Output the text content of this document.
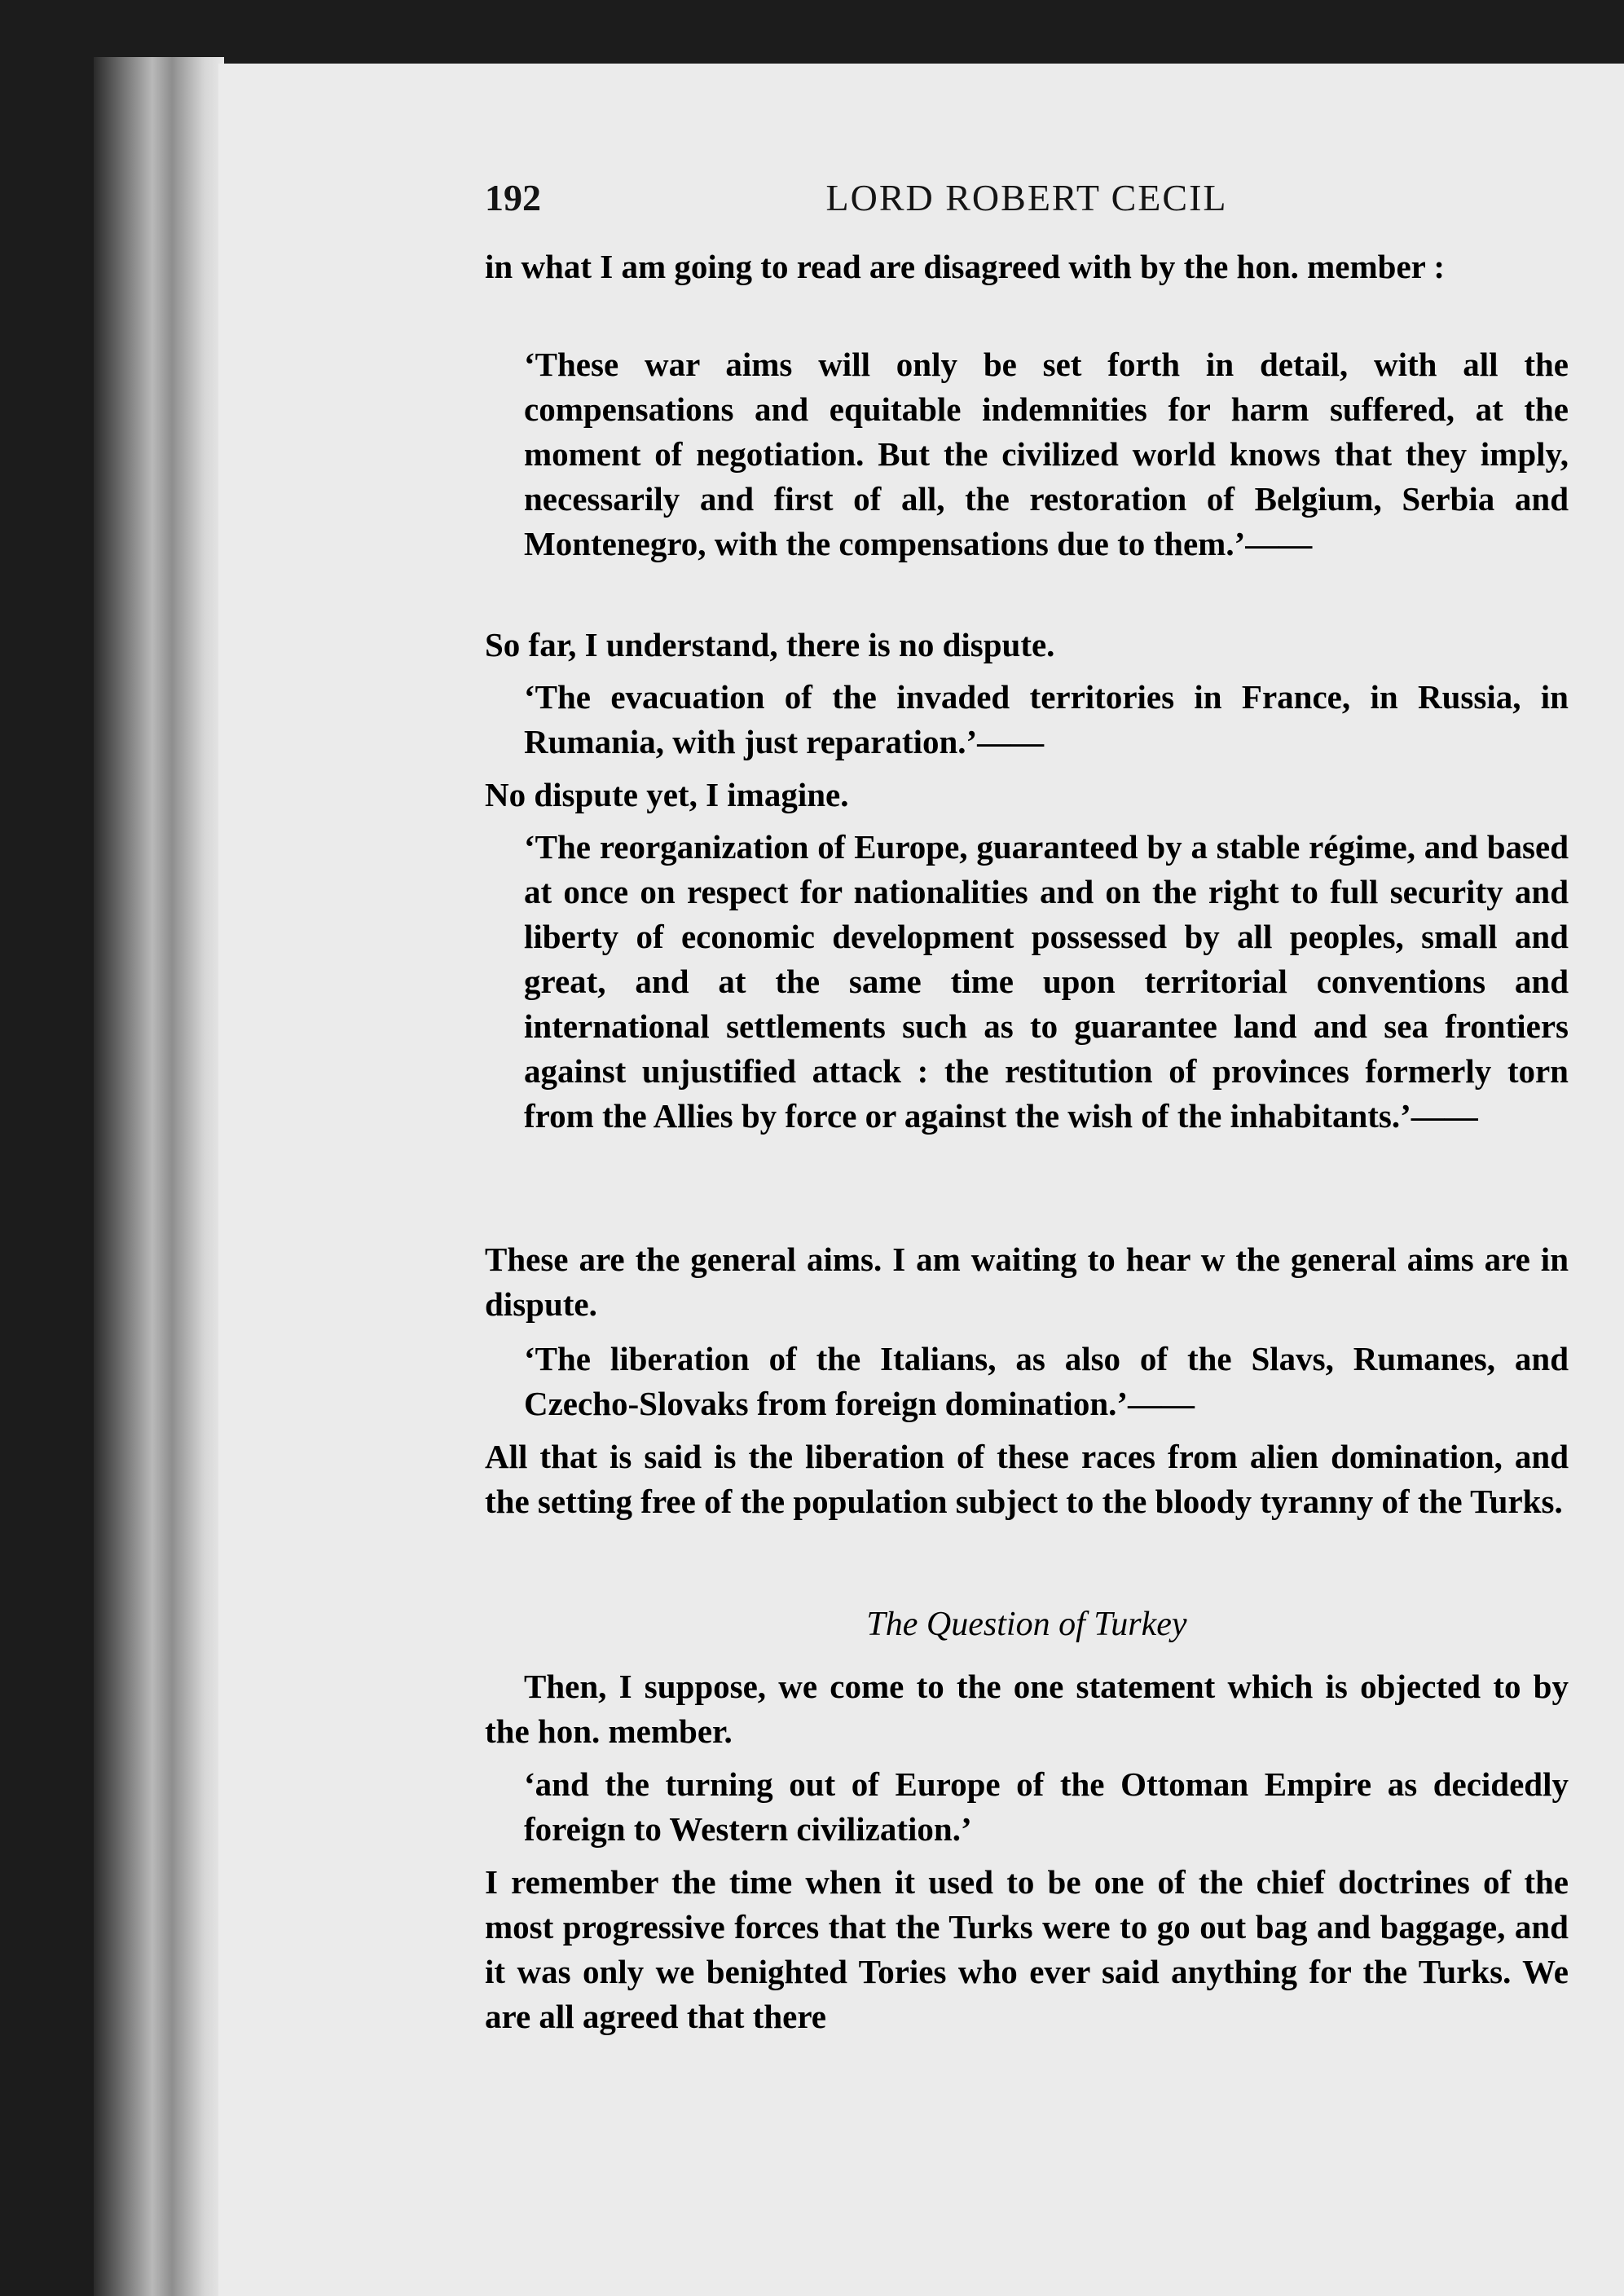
192	LORD ROBERT CECIL
in what I am going to read are disagreed with by the hon. member :
‘These war aims will only be set forth in detail, with all the compensations and equitable indemnities for harm suffered, at the moment of negotiation. But the civilized world knows that they imply, necessarily and first of all, the restoration of Belgium, Serbia and Montenegro, with the compensations due to them.’——
So far, I understand, there is no dispute.
‘The evacuation of the invaded territories in France, in Russia, in Rumania, with just reparation.’——
No dispute yet, I imagine.
‘The reorganization of Europe, guaranteed by a stable régime, and based at once on respect for nationalities and on the right to full security and liberty of economic development possessed by all peoples, small and great, and at the same time upon territorial conventions and international settlements such as to guarantee land and sea frontiers against unjustified attack : the restitution of provinces formerly torn from the Allies by force or against the wish of the inhabitants.’——
These are the general aims. I am waiting to hear w the general aims are in dispute.
‘The liberation of the Italians, as also of the Slavs, Rumanes, and Czecho-Slovaks from foreign domination.’——
All that is said is the liberation of these races from alien domination, and the setting free of the population subject to the bloody tyranny of the Turks.
The Question of Turkey
Then, I suppose, we come to the one statement which is objected to by the hon. member.
‘and the turning out of Europe of the Ottoman Empire as decidedly foreign to Western civilization.’
I remember the time when it used to be one of the chief doctrines of the most progressive forces that the Turks were to go out bag and baggage, and it was only we benighted Tories who ever said anything for the Turks. We are all agreed that there
